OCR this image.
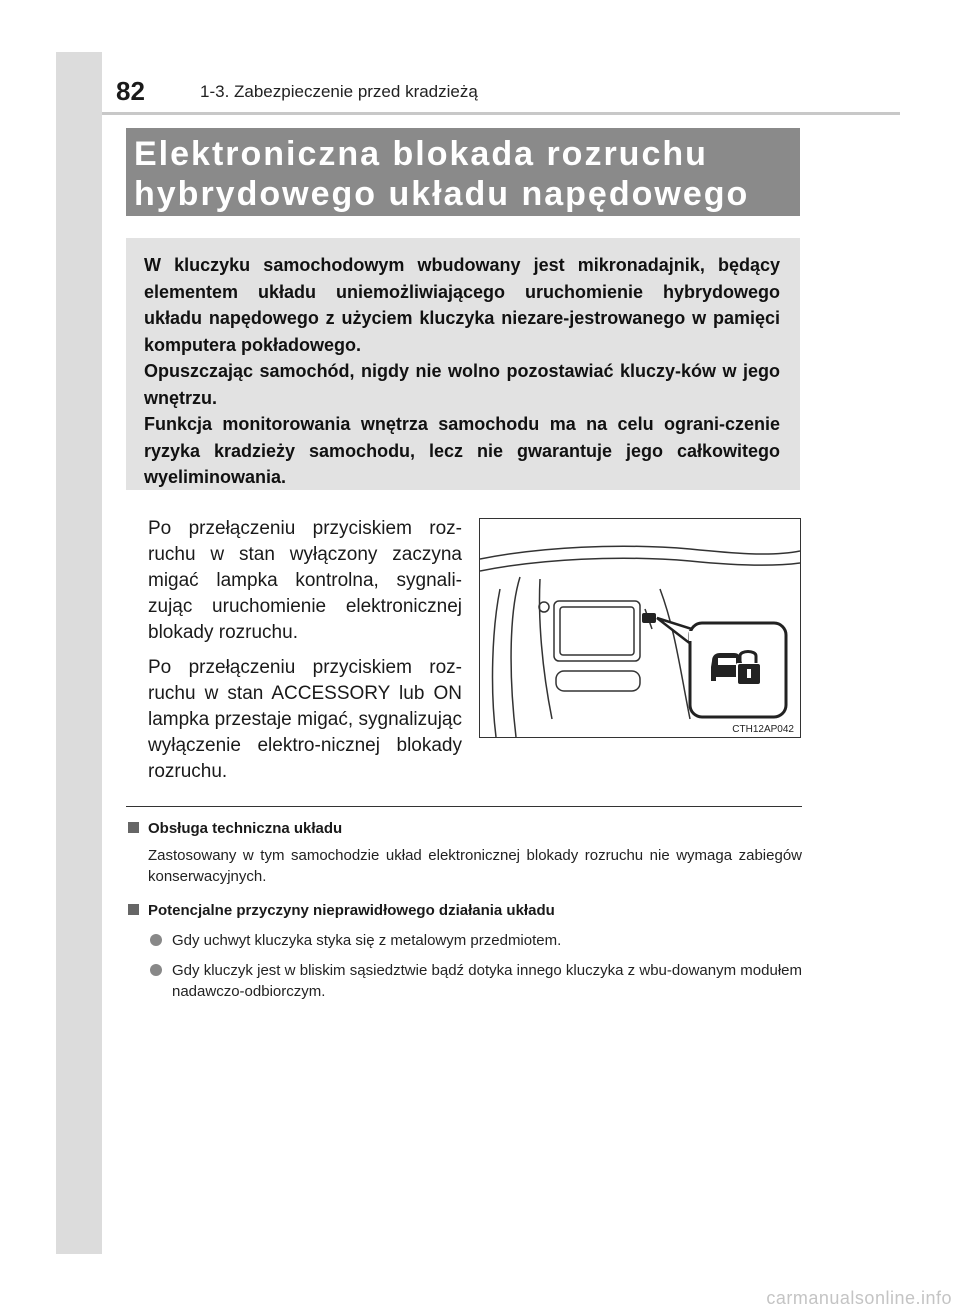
82	1-3. Zabezpieczenie przed kradzieżą
Elektroniczna blokada rozruchu
hybrydowego układu napędowego

W kluczyku samochodowym wbudowany jest mikronadajnik, będący elementem układu uniemożliwiającego uruchomienie hybrydowego układu napędowego z użyciem kluczyka niezare-jestrowanego w pamięci komputera pokładowego.

Opuszczając samochód, nigdy nie wolno pozostawiać kluczy-ków w jego wnętrzu.

Funkcja monitorowania wnętrza samochodu ma na celu ograni-czenie ryzyka kradzieży samochodu, lecz nie gwarantuje jego całkowitego wyeliminowania.

Po przełączeniu przyciskiem roz-ruchu w stan wyłączony zaczyna migać lampka kontrolna, sygnali-zując uruchomienie elektronicznej blokady rozruchu.

Po przełączeniu przyciskiem roz-ruchu w stan ACCESSORY lub ON lampka przestaje migać, sygnalizując wyłączenie elektro-nicznej blokady rozruchu.

CTH12AP042
Obsługa techniczna układu
Zastosowany w tym samochodzie układ elektronicznej blokady rozruchu nie wymaga zabiegów konserwacyjnych.
Potencjalne przyczyny nieprawidłowego działania układu
Gdy uchwyt kluczyka styka się z metalowym przedmiotem.
Gdy kluczyk jest w bliskim sąsiedztwie bądź dotyka innego kluczyka z wbu-dowanym modułem nadawczo-odbiorczym.
carmanualsonline.info
